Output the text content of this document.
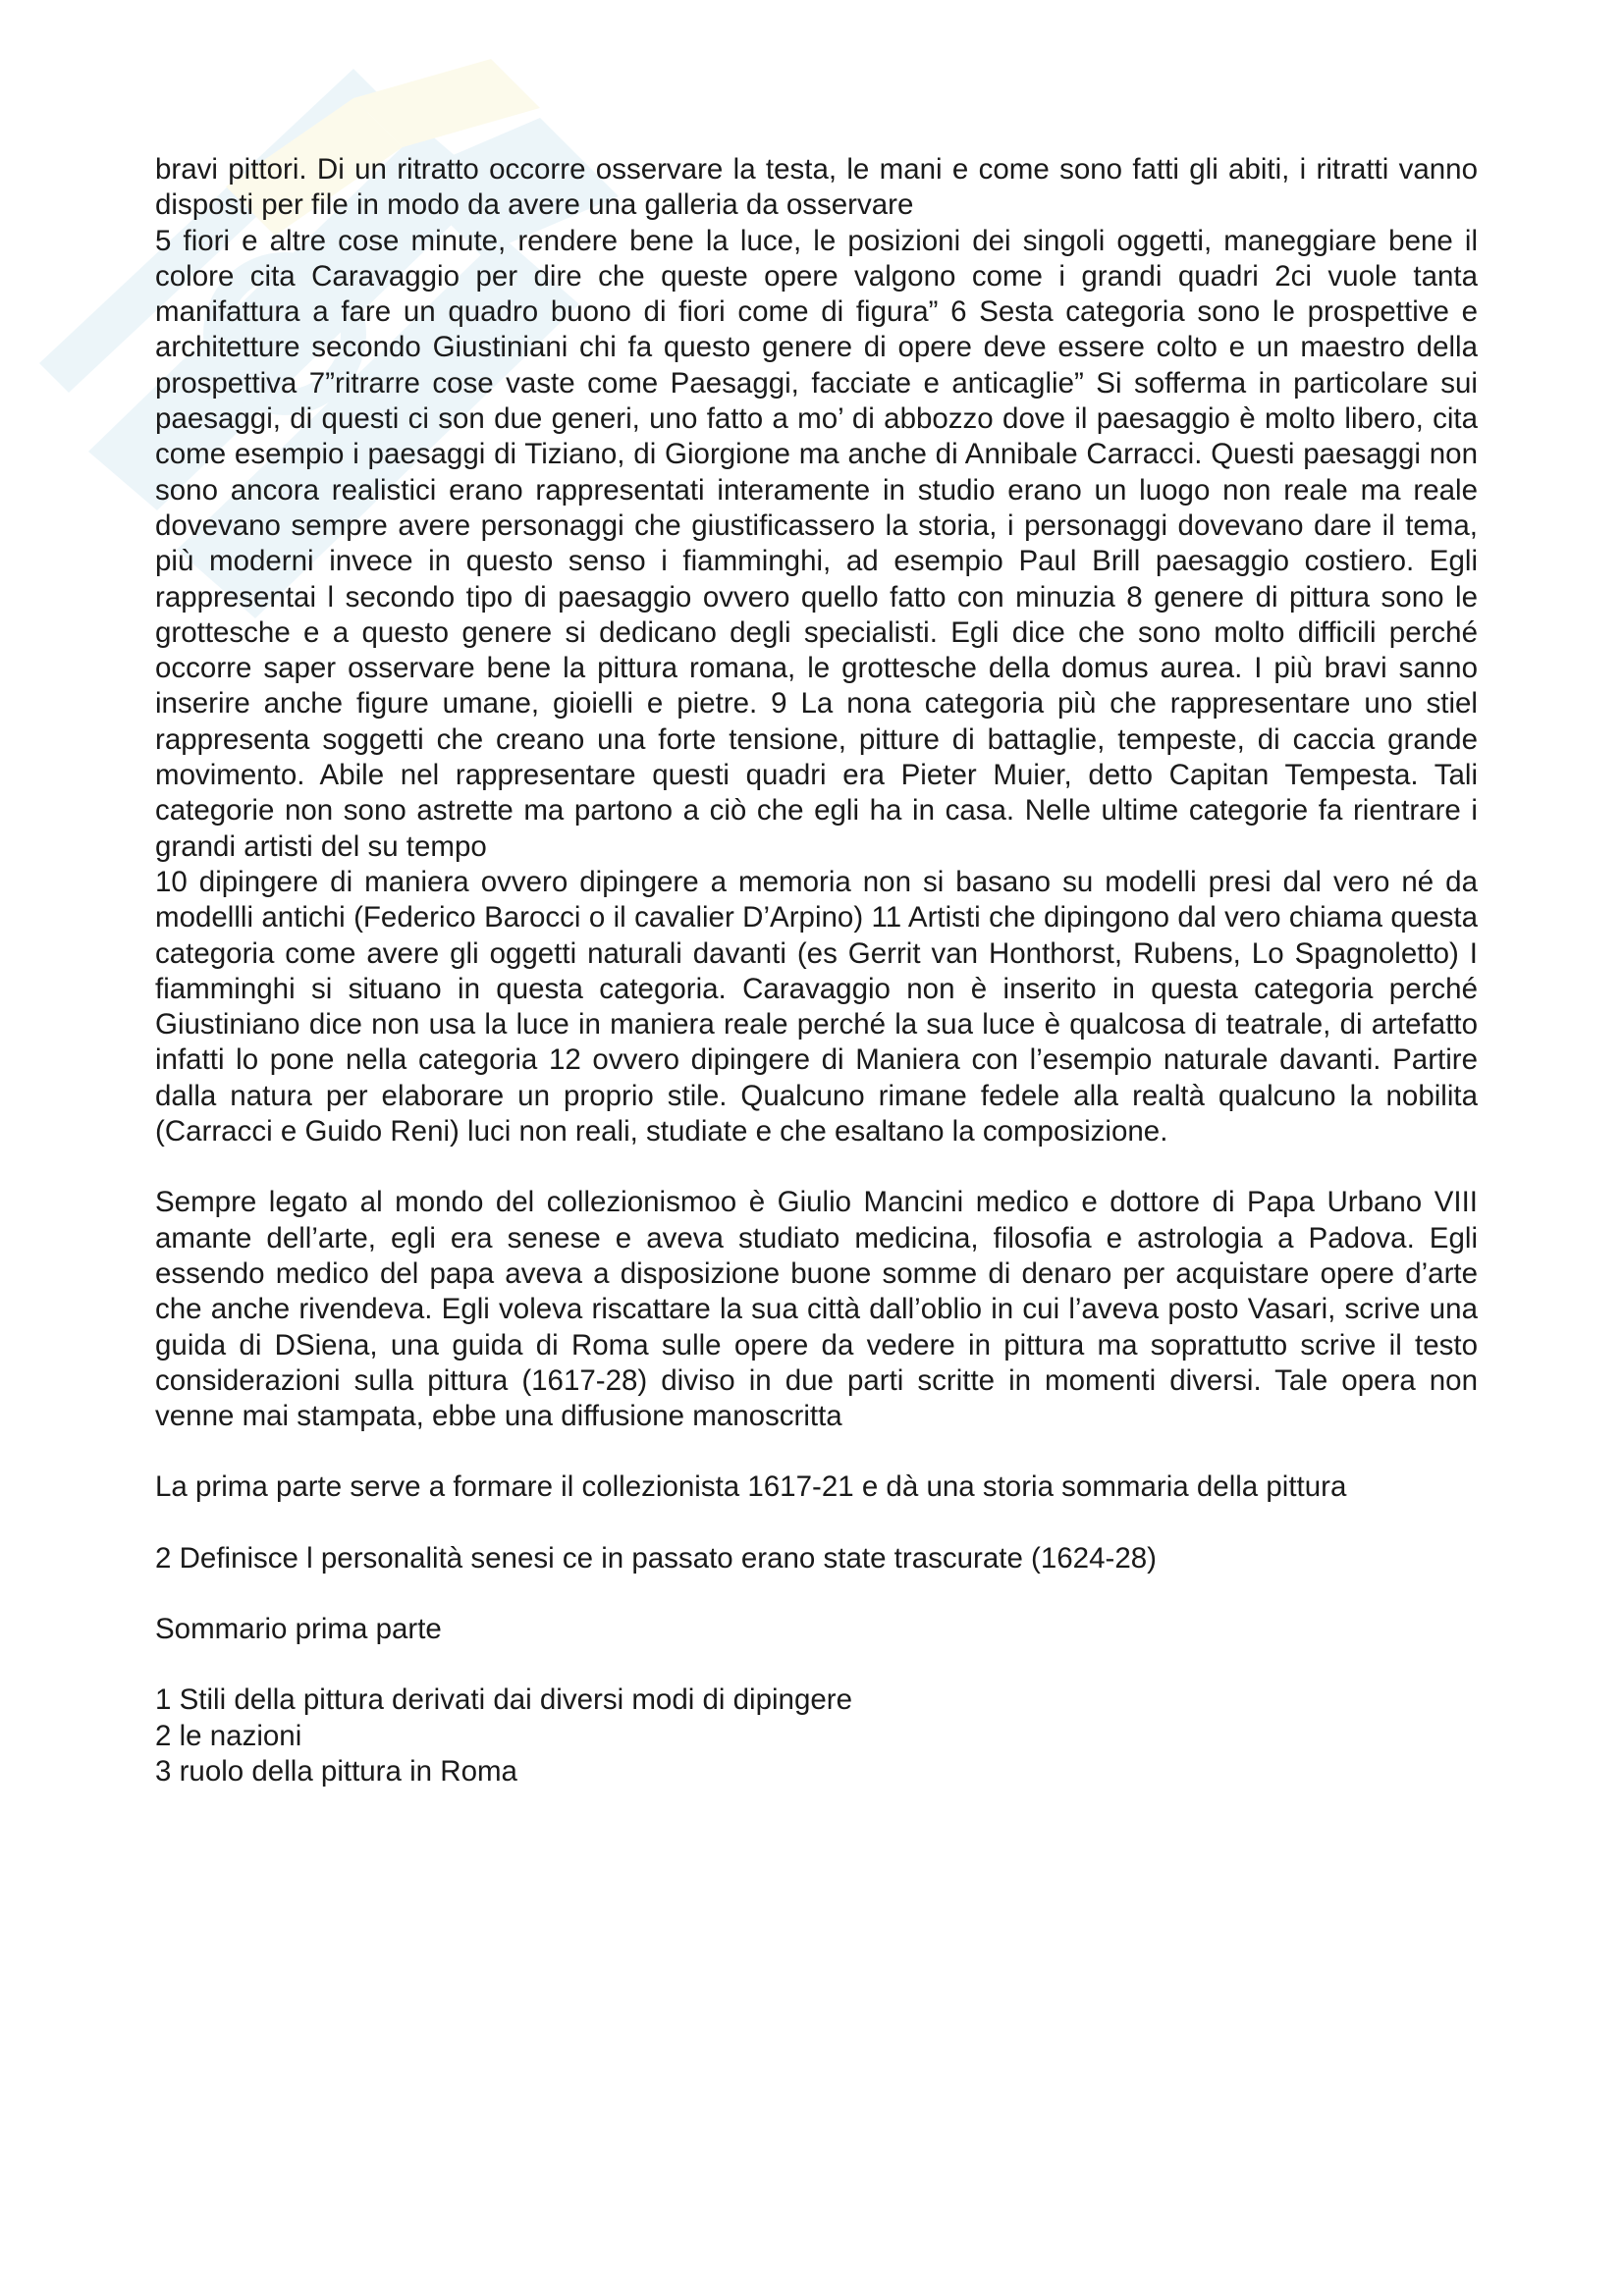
bravi pittori. Di un ritratto occorre osservare la testa, le mani e come sono fatti gli abiti, i ritratti vanno disposti per file in modo da avere una galleria da osservare

5 fiori e altre cose minute, rendere bene la luce, le posizioni dei singoli oggetti, maneggiare bene il colore cita Caravaggio per dire che queste opere valgono come i grandi quadri 2ci vuole tanta manifattura a fare un quadro buono di fiori come di figura” 6 Sesta categoria sono le prospettive e architetture secondo Giustiniani chi fa questo genere di opere deve essere colto e un maestro della prospettiva 7”ritrarre cose vaste come Paesaggi, facciate e anticaglie” Si sofferma in particolare sui paesaggi, di questi ci son due generi, uno fatto a mo’ di abbozzo dove il paesaggio è molto libero, cita come esempio i paesaggi di Tiziano, di Giorgione ma anche di Annibale Carracci. Questi paesaggi non sono ancora realistici erano rappresentati interamente in studio erano un luogo non reale ma reale dovevano sempre avere personaggi che giustificassero la storia, i personaggi dovevano dare il tema, più moderni invece in questo senso i fiamminghi, ad esempio Paul Brill paesaggio costiero. Egli rappresentai l secondo tipo di paesaggio ovvero quello fatto con minuzia 8 genere di pittura sono le grottesche e a questo genere si dedicano degli specialisti. Egli dice che sono molto difficili perché occorre saper osservare bene la pittura romana, le grottesche della domus aurea. I più bravi sanno inserire anche figure umane, gioielli e pietre. 9 La nona categoria più che rappresentare uno stiel rappresenta soggetti che creano una forte tensione, pitture di battaglie, tempeste, di caccia grande movimento. Abile nel rappresentare questi quadri era Pieter Muier, detto Capitan Tempesta. Tali categorie non sono astrette ma partono a ciò che egli ha in casa. Nelle ultime categorie fa rientrare i grandi artisti del su tempo

10 dipingere di maniera ovvero dipingere a memoria non si basano su modelli presi dal vero né da modellli antichi (Federico Barocci o il cavalier D’Arpino) 11 Artisti che dipingono dal vero chiama questa categoria come avere gli oggetti naturali davanti (es Gerrit van Honthorst, Rubens, Lo Spagnoletto) I fiamminghi si situano in questa categoria. Caravaggio non è inserito in questa categoria perché Giustiniano dice non usa la luce in maniera reale perché la sua luce è qualcosa di teatrale, di artefatto infatti lo pone nella categoria 12 ovvero dipingere di Maniera con l’esempio naturale davanti. Partire dalla natura per elaborare un proprio stile. Qualcuno rimane fedele alla realtà qualcuno la nobilita (Carracci e Guido Reni) luci non reali, studiate e che esaltano la composizione.

Sempre legato al mondo del collezionismoo è Giulio Mancini medico e dottore di Papa Urbano VIII amante dell’arte, egli era senese e aveva studiato medicina, filosofia e astrologia a Padova. Egli essendo medico del papa aveva a disposizione buone somme di denaro per acquistare opere d’arte che anche rivendeva. Egli voleva riscattare la sua città dall’oblio in cui l’aveva posto Vasari, scrive una guida di DSiena, una guida di Roma sulle opere da vedere in pittura ma soprattutto scrive il testo considerazioni sulla pittura (1617-28) diviso in due parti scritte in momenti diversi. Tale opera non venne mai stampata, ebbe una diffusione manoscritta

La prima parte serve a formare il collezionista 1617-21 e dà una storia sommaria della pittura

2 Definisce l personalità senesi ce in passato erano state trascurate (1624-28)

Sommario prima parte

1 Stili della pittura derivati dai diversi modi di dipingere

2 le nazioni

3 ruolo della pittura in Roma
